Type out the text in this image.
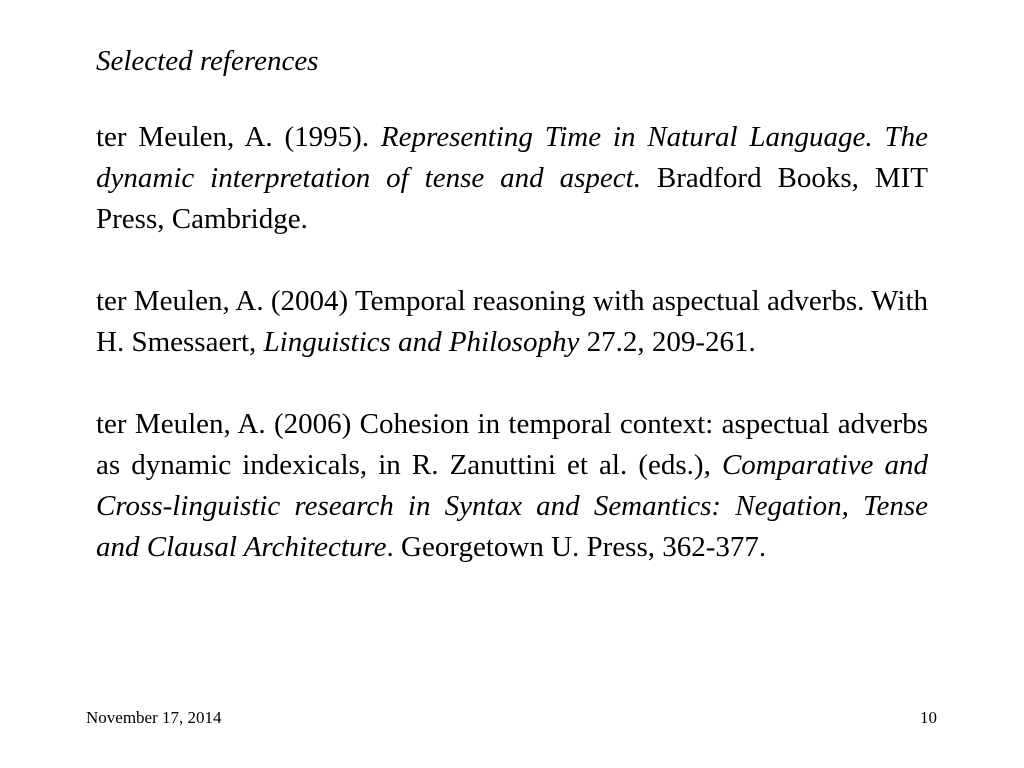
Selected references

ter Meulen, A. (1995). Representing Time in Natural Language. The dynamic interpretation of tense and aspect. Bradford Books, MIT Press, Cambridge.

ter Meulen, A. (2004) Temporal reasoning with aspectual adverbs. With H. Smessaert, Linguistics and Philosophy 27.2, 209-261.

ter Meulen, A. (2006) Cohesion in temporal context: aspectual adverbs as dynamic indexicals, in R. Zanuttini et al. (eds.), Comparative and Cross-linguistic research in Syntax and Semantics: Negation, Tense and Clausal Architecture. Georgetown U. Press, 362-377.

November 17, 2014	10
